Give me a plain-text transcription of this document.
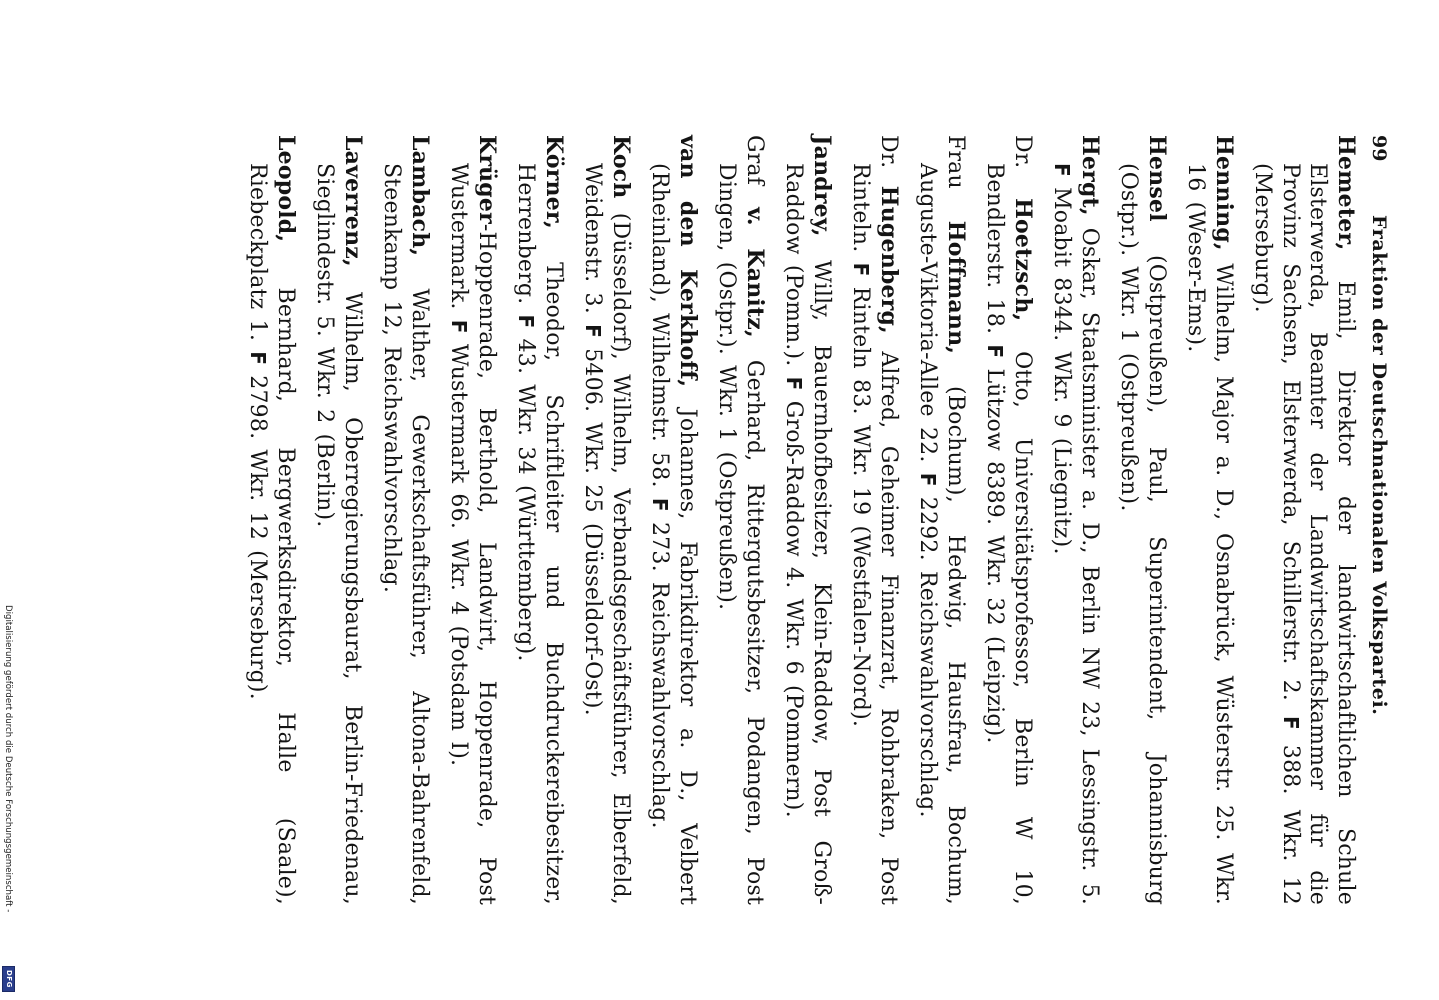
Digitalisierung gefördert durch die Deutsche Forschungsgemeinschaft -
DFG
99
Fraktion der Deutschnationalen Volkspartei.

Hemeter, Emil, Direktor der landwirtschaftlichen Schule Elsterwerda, Beamter der Landwirtschaftskammer für die Provinz Sachsen, Elsterwerda, Schillerstr. 2. F 388. Wkr. 12 (Merseburg).

Henning, Wilhelm, Major a. D., Osnabrück, Wüsterstr. 25. Wkr. 16 (Weser-Ems).

Hensel (Ostpreußen), Paul, Superintendent, Johannisburg (Ostpr.). Wkr. 1 (Ostpreußen).

Hergt, Oskar, Staatsminister a. D., Berlin NW 23, Lessingstr. 5. F Moabit 8344. Wkr. 9 (Liegnitz).

Dr. Hoetzsch, Otto, Universitätsprofessor, Berlin W 10, Bendlerstr. 18. F Lützow 8389. Wkr. 32 (Leipzig).

Frau Hoffmann, (Bochum), Hedwig, Hausfrau, Bochum, Auguste-Viktoria-Allee 22. F 2292. Reichswahlvorschlag.

Dr. Hugenberg, Alfred, Geheimer Finanzrat, Rohbraken, Post Rinteln. F Rinteln 83. Wkr. 19 (Westfalen-Nord).

Jandrey, Willy, Bauernhofbesitzer, Klein-Raddow, Post Groß-Raddow (Pomm.). F Groß-Raddow 4. Wkr. 6 (Pommern).

Graf v. Kanitz, Gerhard, Rittergutsbesitzer, Podangen, Post Dingen, (Ostpr.). Wkr. 1 (Ostpreußen).

van den Kerkhoff, Johannes, Fabrikdirektor a. D., Velbert (Rheinland), Wilhelmstr. 58. F 273. Reichswahlvorschlag.

Koch (Düsseldorf), Wilhelm, Verbandsgeschäftsführer, Elberfeld, Weidenstr. 3. F 5406. Wkr. 25 (Düsseldorf-Ost).

Körner, Theodor, Schriftleiter und Buchdruckereibesitzer, Herrenberg. F 43. Wkr. 34 (Württemberg).

Krüger-Hoppenrade, Berthold, Landwirt, Hoppenrade, Post Wustermark. F Wustermark 66. Wkr. 4 (Potsdam I).

Lambach, Walther, Gewerkschaftsführer, Altona-Bahrenfeld, Steenkamp 12, Reichswahlvorschlag.

Laverrenz, Wilhelm, Oberregierungsbaurat, Berlin-Friedenau, Sieglindestr. 5. Wkr. 2 (Berlin).

Leopold, Bernhard, Bergwerksdirektor, Halle (Saale), Riebeckplatz 1. F 2798. Wkr. 12 (Merseburg).
